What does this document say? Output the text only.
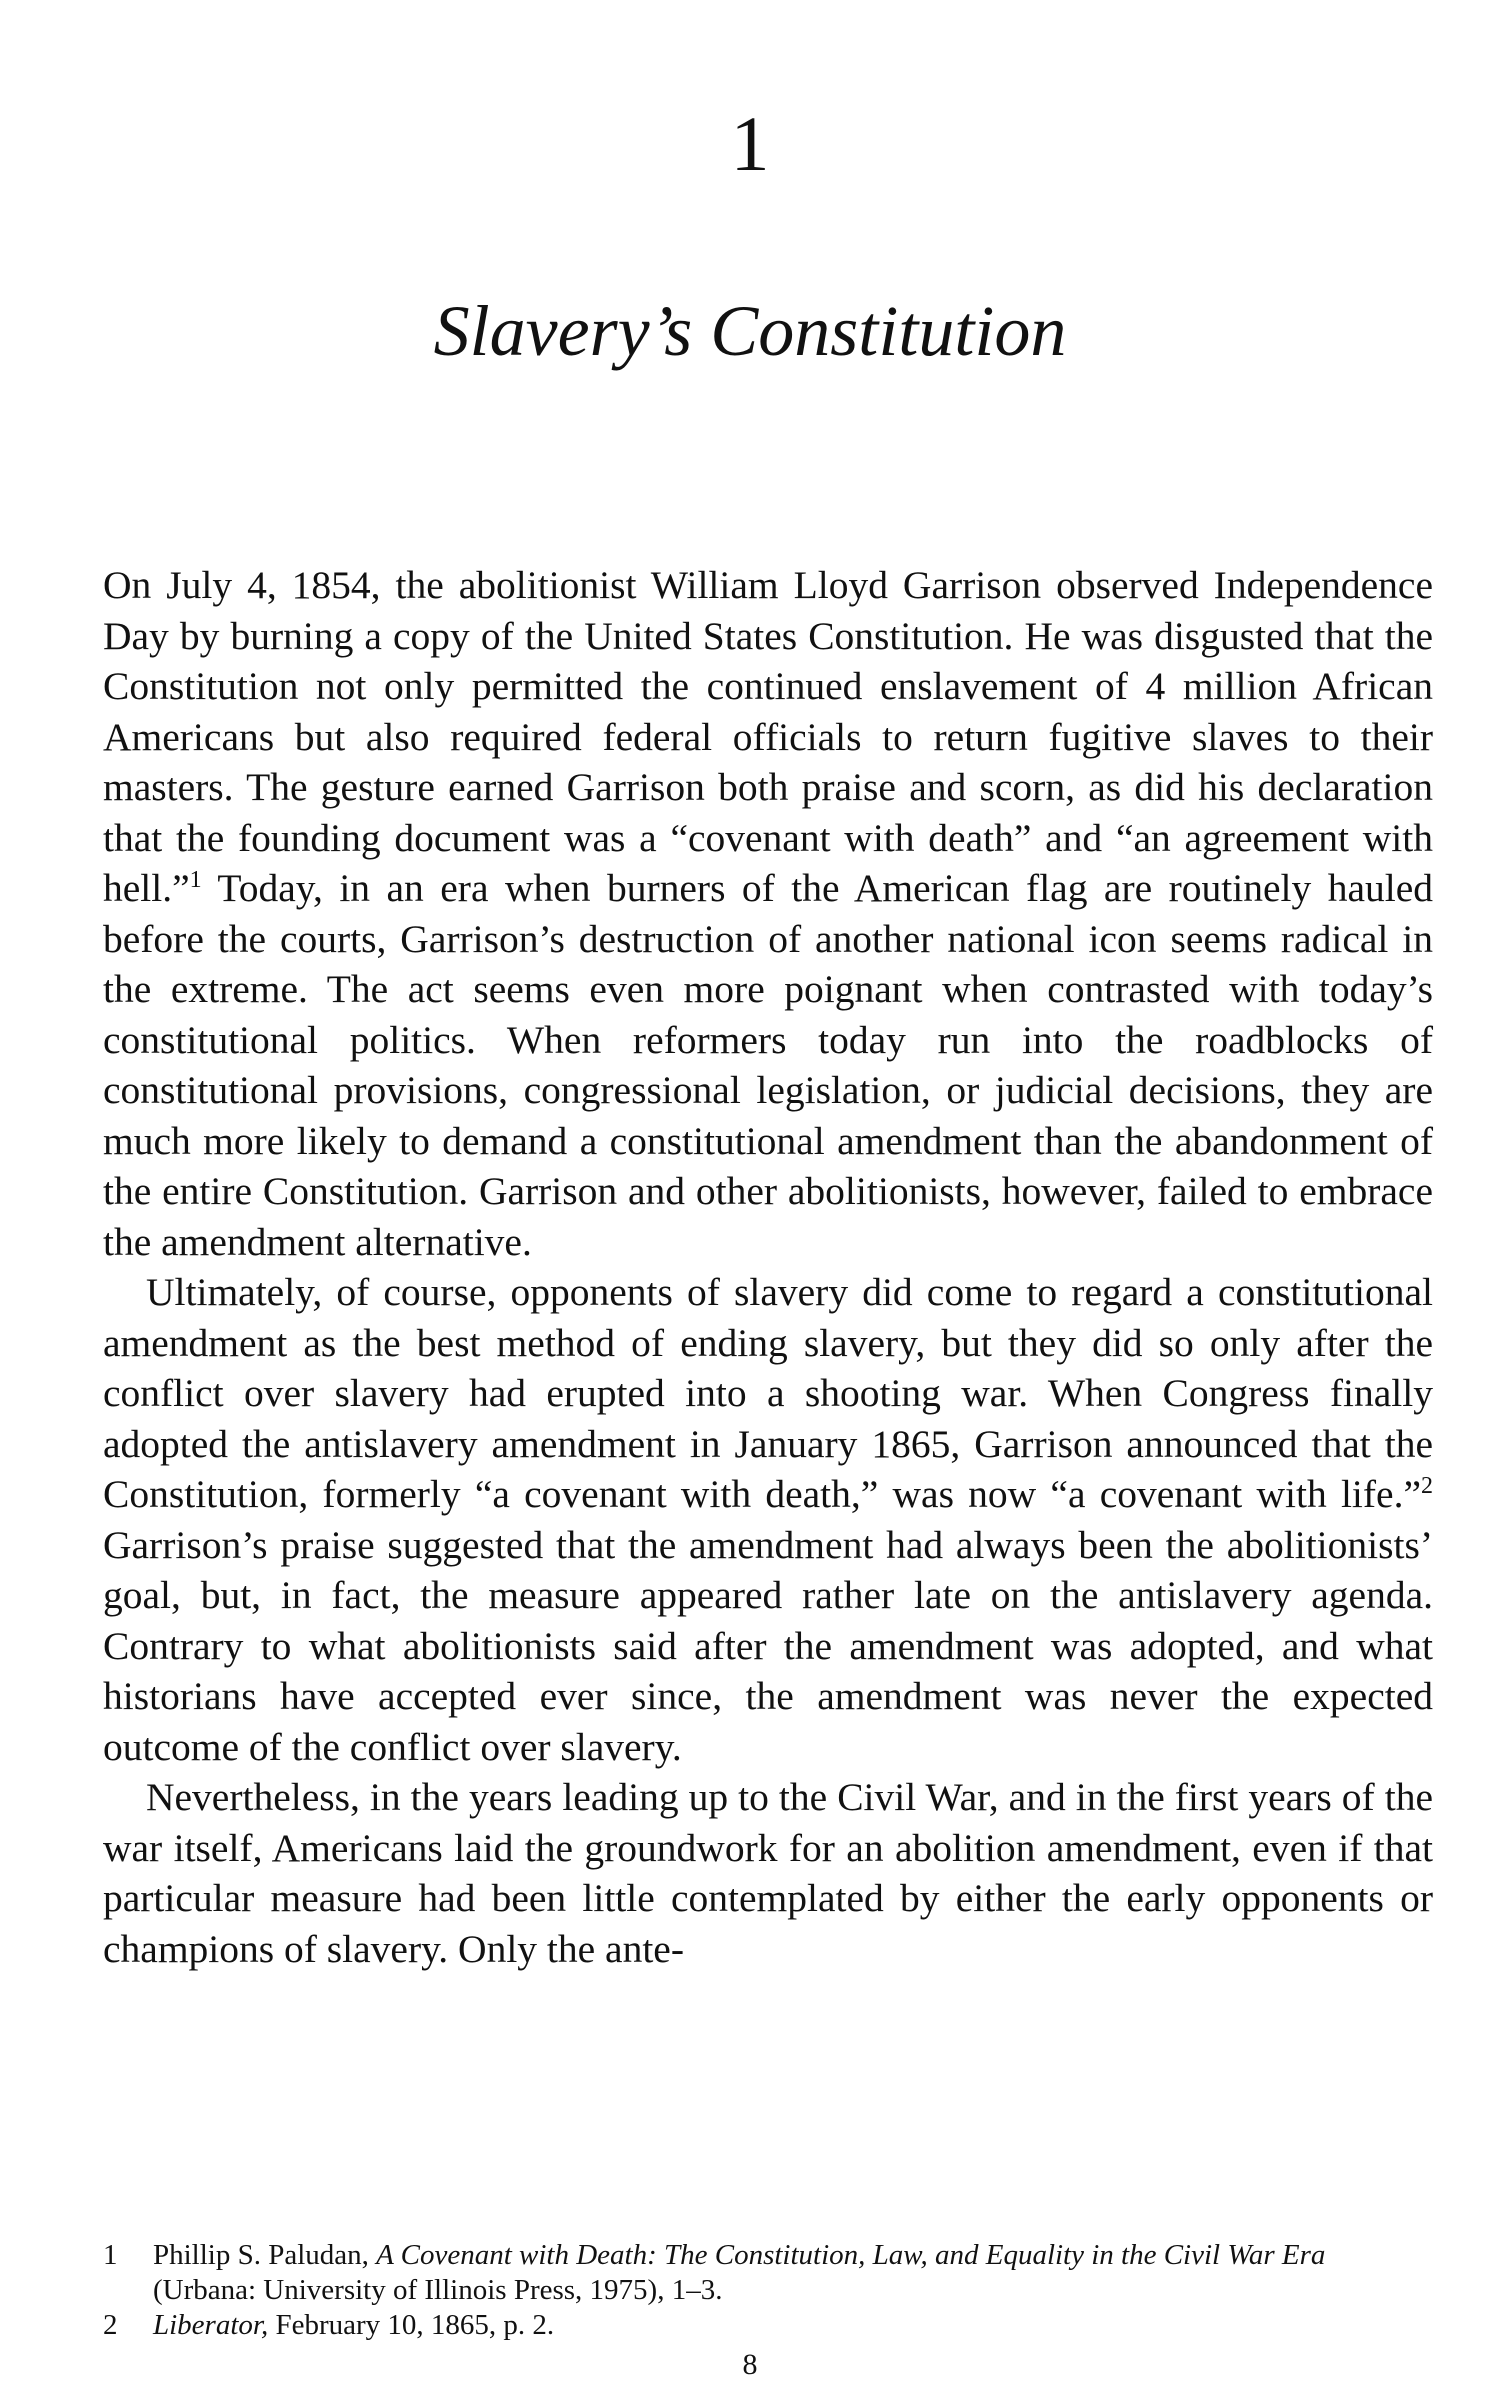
1
Slavery’s Constitution

On July 4, 1854, the abolitionist William Lloyd Garrison observed Independence Day by burning a copy of the United States Constitution. He was disgusted that the Constitution not only permitted the continued enslavement of 4 million African Americans but also required federal officials to return fugitive slaves to their masters. The gesture earned Garrison both praise and scorn, as did his declaration that the founding document was a “covenant with death” and “an agreement with hell.”$^1$ Today, in an era when burners of the American flag are routinely hauled before the courts, Garrison’s destruction of another national icon seems radical in the extreme. The act seems even more poignant when contrasted with today’s constitutional politics. When reformers today run into the roadblocks of constitutional provisions, congressional legislation, or judicial decisions, they are much more likely to demand a constitutional amendment than the abandonment of the entire Constitution. Garrison and other abolitionists, however, failed to embrace the amendment alternative.

Ultimately, of course, opponents of slavery did come to regard a constitutional amendment as the best method of ending slavery, but they did so only after the conflict over slavery had erupted into a shooting war. When Congress finally adopted the antislavery amendment in January 1865, Garrison announced that the Constitution, formerly “a covenant with death,” was now “a covenant with life.”$^2$ Garrison’s praise suggested that the amendment had always been the abolitionists’ goal, but, in fact, the measure appeared rather late on the antislavery agenda. Contrary to what abolitionists said after the amendment was adopted, and what historians have accepted ever since, the amendment was never the expected outcome of the conflict over slavery.

Nevertheless, in the years leading up to the Civil War, and in the first years of the war itself, Americans laid the groundwork for an abolition amendment, even if that particular measure had been little contemplated by either the early opponents or champions of slavery. Only the ante-

1	Phillip S. Paludan, A Covenant with Death: The Constitution, Law, and Equality in the Civil War Era (Urbana: University of Illinois Press, 1975), 1–3.
2	Liberator, February 10, 1865, p. 2.
8
